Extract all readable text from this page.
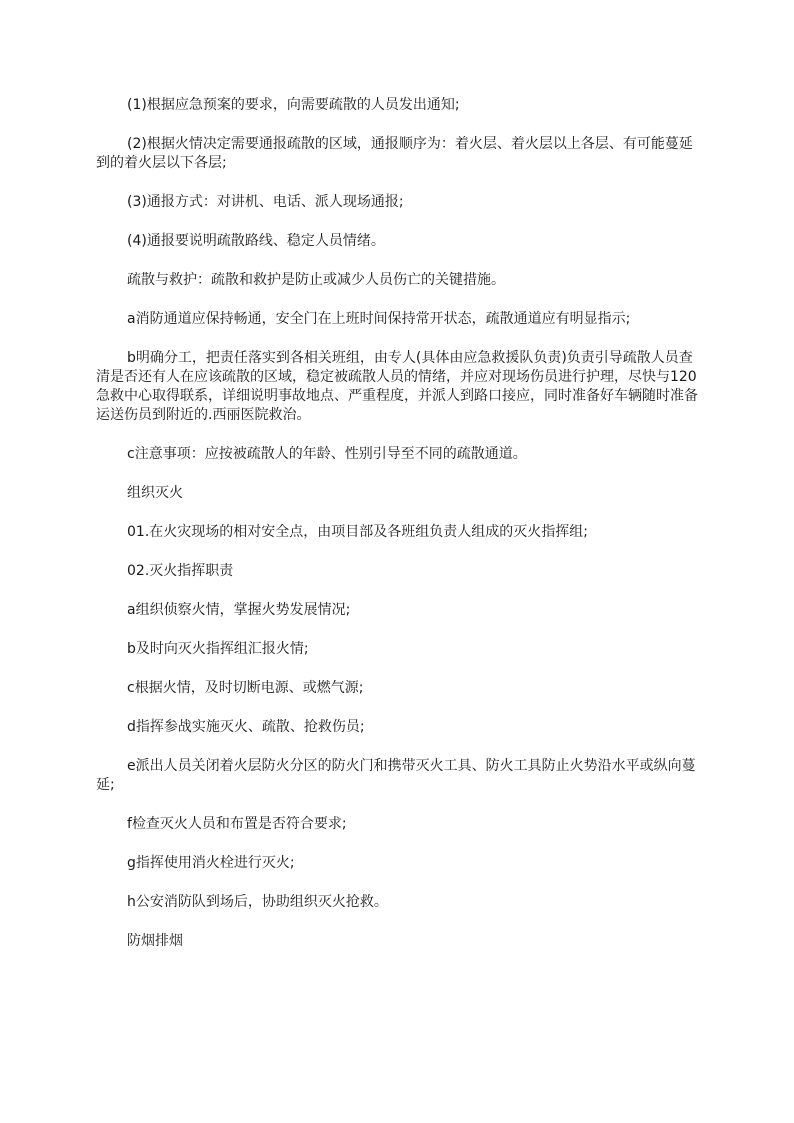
(1)根据应急预案的要求，向需要疏散的人员发出通知;

(2)根据火情决定需要通报疏散的区域，通报顺序为：着火层、着火层以上各层、有可能蔓延到的着火层以下各层;

(3)通报方式：对讲机、电话、派人现场通报;

(4)通报要说明疏散路线、稳定人员情绪。

疏散与救护：疏散和救护是防止或减少人员伤亡的关键措施。

a消防通道应保持畅通，安全门在上班时间保持常开状态，疏散通道应有明显指示;

b明确分工，把责任落实到各相关班组，由专人(具体由应急救援队负责)负责引导疏散人员查清是否还有人在应该疏散的区域，稳定被疏散人员的情绪，并应对现场伤员进行护理，尽快与120急救中心取得联系，详细说明事故地点、严重程度，并派人到路口接应，同时准备好车辆随时准备运送伤员到附近的.西丽医院救治。

c注意事项：应按被疏散人的年龄、性别引导至不同的疏散通道。

组织灭火

01.在火灾现场的相对安全点，由项目部及各班组负责人组成的灭火指挥组;

02.灭火指挥职责

a组织侦察火情，掌握火势发展情况;

b及时向灭火指挥组汇报火情;

c根据火情，及时切断电源、或燃气源;

d指挥参战实施灭火、疏散、抢救伤员;

e派出人员关闭着火层防火分区的防火门和携带灭火工具、防火工具防止火势沿水平或纵向蔓延;

f检查灭火人员和布置是否符合要求;

g指挥使用消火栓进行灭火;

h公安消防队到场后，协助组织灭火抢救。

防烟排烟
